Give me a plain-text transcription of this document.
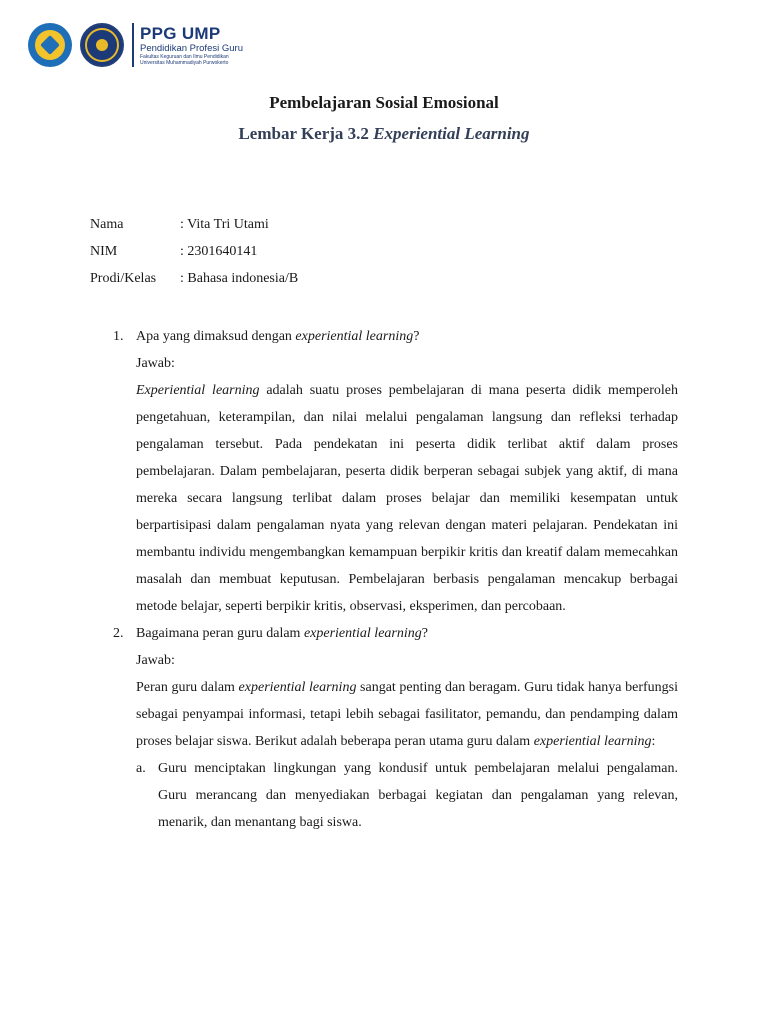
PPG UMP
Pendidikan Profesi Guru
Fakultas Keguruan dan Ilmu Pendidikan
Universitas Muhammadiyah Purwokerto
Pembelajaran Sosial Emosional
Lembar Kerja 3.2 Experiential Learning
Nama	: Vita Tri Utami
NIM	: 2301640141
Prodi/Kelas	: Bahasa indonesia/B
1. Apa yang dimaksud dengan experiential learning?
Jawab:
Experiential learning adalah suatu proses pembelajaran di mana peserta didik memperoleh pengetahuan, keterampilan, dan nilai melalui pengalaman langsung dan refleksi terhadap pengalaman tersebut. Pada pendekatan ini peserta didik terlibat aktif dalam proses pembelajaran. Dalam pembelajaran, peserta didik berperan sebagai subjek yang aktif, di mana mereka secara langsung terlibat dalam proses belajar dan memiliki kesempatan untuk berpartisipasi dalam pengalaman nyata yang relevan dengan materi pelajaran. Pendekatan ini membantu individu mengembangkan kemampuan berpikir kritis dan kreatif dalam memecahkan masalah dan membuat keputusan. Pembelajaran berbasis pengalaman mencakup berbagai metode belajar, seperti berpikir kritis, observasi, eksperimen, dan percobaan.
2. Bagaimana peran guru dalam experiential learning?
Jawab:
Peran guru dalam experiential learning sangat penting dan beragam. Guru tidak hanya berfungsi sebagai penyampai informasi, tetapi lebih sebagai fasilitator, pemandu, dan pendamping dalam proses belajar siswa. Berikut adalah beberapa peran utama guru dalam experiential learning:
a. Guru menciptakan lingkungan yang kondusif untuk pembelajaran melalui pengalaman. Guru merancang dan menyediakan berbagai kegiatan dan pengalaman yang relevan, menarik, dan menantang bagi siswa.
